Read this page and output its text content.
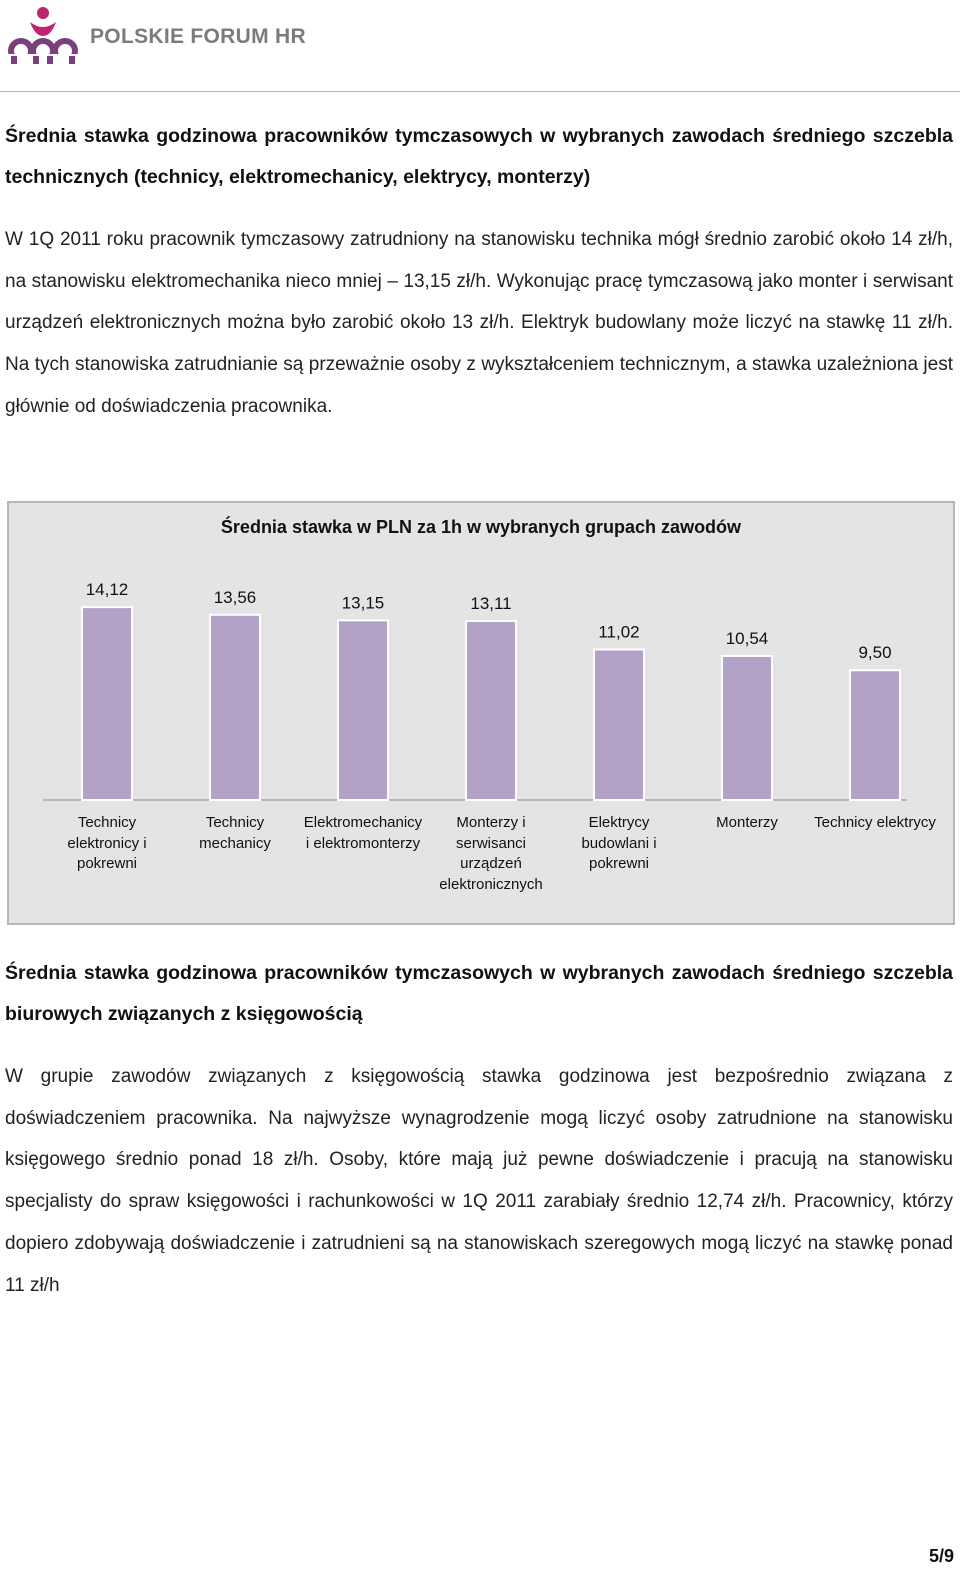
POLSKIE FORUM HR
Średnia stawka godzinowa pracowników tymczasowych w wybranych zawodach średniego szczebla technicznych (technicy, elektromechanicy, elektrycy, monterzy)
W 1Q 2011 roku pracownik tymczasowy zatrudniony na stanowisku technika mógł średnio zarobić około 14 zł/h, na stanowisku elektromechanika nieco mniej – 13,15 zł/h. Wykonując pracę tymczasową jako monter i serwisant urządzeń elektronicznych można było zarobić około 13 zł/h. Elektryk budowlany może liczyć na stawkę 11 zł/h. Na tych stanowiska zatrudnianie są przeważnie osoby z wykształceniem technicznym, a stawka uzależniona jest głównie od doświadczenia pracownika.
Średnia stawka w PLN za 1h w wybranych grupach zawodów
14,12	13,56	13,15	13,11
11,02	10,54
9,50
Technicy elektronicy i pokrewni
Technicy mechanicy
Elektromechanicy i elektromonterzy
Monterzy i serwisanci urządzeń elektronicznych
Elektrycy budowlani i pokrewni
Monterzy	Technicy elektrycy
Średnia stawka godzinowa pracowników tymczasowych w wybranych zawodach średniego szczebla biurowych związanych z księgowością
W grupie zawodów związanych z księgowością stawka godzinowa jest bezpośrednio związana z doświadczeniem pracownika. Na najwyższe wynagrodzenie mogą liczyć osoby zatrudnione na stanowisku księgowego średnio ponad 18 zł/h. Osoby, które mają już pewne doświadczenie i pracują na stanowisku specjalisty do spraw księgowości i rachunkowości w 1Q 2011 zarabiały średnio 12,74 zł/h. Pracownicy, którzy dopiero zdobywają doświadczenie i zatrudnieni są na stanowiskach szeregowych mogą liczyć na stawkę ponad 11 zł/h
5/9
